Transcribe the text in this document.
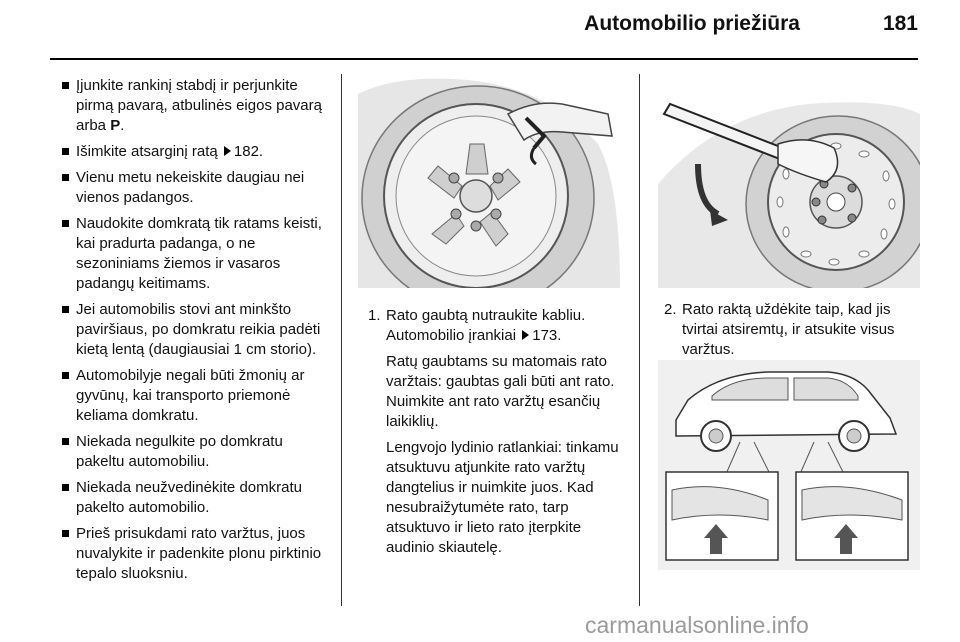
Automobilio priežiūra	181
Įjunkite rankinį stabdį ir perjunkite pirmą pavarą, atbulinės eigos pavarą arba P.
Išimkite atsarginį ratą 182.
Vienu metu nekeiskite daugiau nei vienos padangos.
Naudokite domkratą tik ratams keisti, kai pradurta padanga, o ne sezoniniams žiemos ir vasaros padangų keitimams.
Jei automobilis stovi ant minkšto paviršiaus, po domkratu reikia padėti kietą lentą (daugiausiai 1 cm storio).
Automobilyje negali būti žmonių ar gyvūnų, kai transporto priemonė keliama domkratu.
Niekada negulkite po domkratu pakeltu automobiliu.
Niekada neužvedinėkite domkratu pakelto automobilio.
Prieš prisukdami rato varžtus, juos nuvalykite ir padenkite plonu pirktinio tepalo sluoksniu.
1. Rato gaubtą nutraukite kabliu. Automobilio įrankiai 173.
Ratų gaubtams su matomais rato varžtais: gaubtas gali būti ant rato. Nuimkite ant rato varžtų esančių laikiklių.
Lengvojo lydinio ratlankiai: tinkamu atsuktuvu atjunkite rato varžtų dangtelius ir nuimkite juos. Kad nesubraižytumėte rato, tarp atsuktuvo ir lieto rato įterpkite audinio skiautelę.
2. Rato raktą uždėkite taip, kad jis tvirtai atsiremtų, ir atsukite visus varžtus.
carmanualsonline.info
